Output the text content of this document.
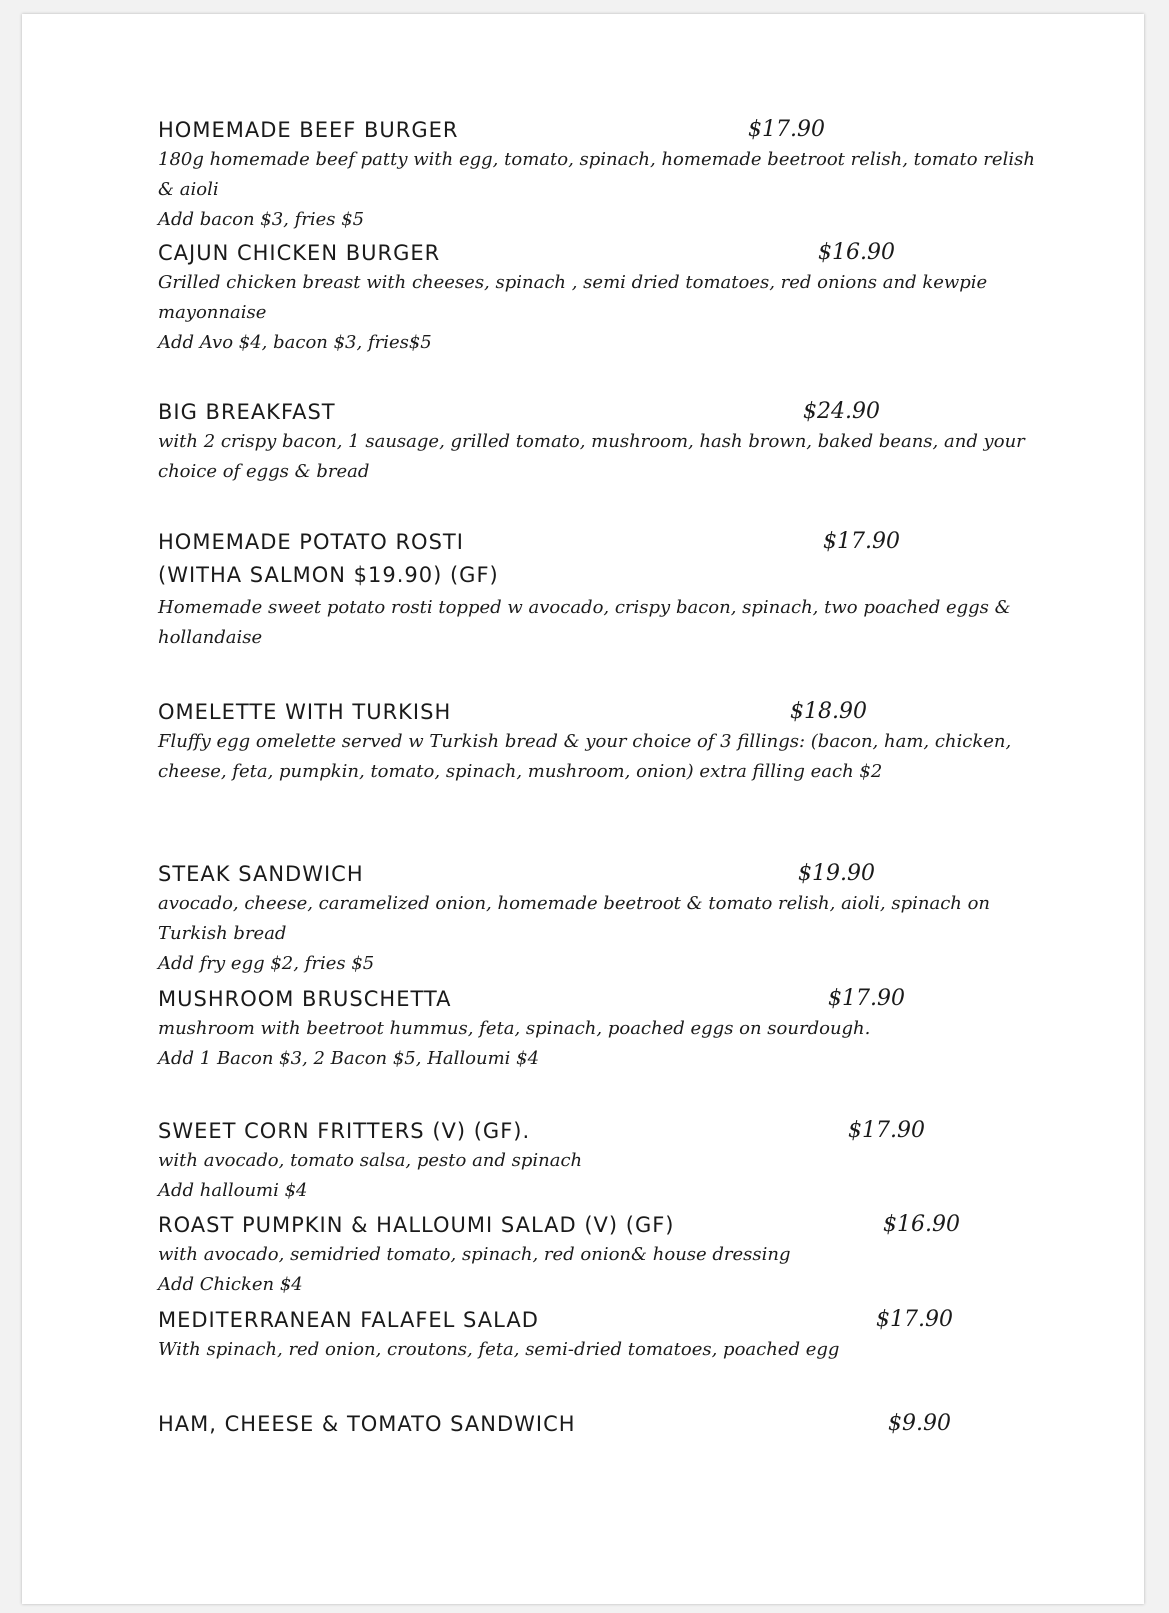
HOMEMADE BEEF BURGER	$17.90
180g homemade beef patty with egg, tomato, spinach, homemade beetroot relish, tomato relish & aioli
Add bacon $3, fries $5
CAJUN CHICKEN BURGER	$16.90
Grilled chicken breast with cheeses, spinach , semi dried tomatoes, red onions and kewpie mayonnaise
Add Avo $4, bacon $3, fries$5
BIG BREAKFAST	$24.90
with 2 crispy bacon, 1 sausage, grilled tomato, mushroom, hash brown, baked beans, and your choice of eggs & bread
HOMEMADE POTATO ROSTI	$17.90
(WITHA SALMON $19.90) (GF)
Homemade sweet potato rosti topped w avocado, crispy bacon, spinach, two poached eggs & hollandaise
OMELETTE WITH TURKISH	$18.90
Fluffy egg omelette served w Turkish bread & your choice of 3 fillings: (bacon, ham, chicken, cheese, feta, pumpkin, tomato, spinach, mushroom, onion) extra filling each $2
STEAK SANDWICH	$19.90
avocado, cheese, caramelized onion, homemade beetroot & tomato relish, aioli, spinach on Turkish bread
Add fry egg $2, fries $5
MUSHROOM BRUSCHETTA	$17.90
mushroom with beetroot hummus, feta, spinach, poached eggs on sourdough.
Add 1 Bacon $3, 2 Bacon $5, Halloumi $4
SWEET CORN FRITTERS (V) (GF).	$17.90
with avocado, tomato salsa, pesto and spinach
Add halloumi $4
ROAST PUMPKIN & HALLOUMI SALAD (V) (GF)	$16.90
with avocado, semidried tomato, spinach, red onion& house dressing
Add Chicken $4
MEDITERRANEAN FALAFEL SALAD	$17.90
With spinach, red onion, croutons, feta, semi-dried tomatoes, poached egg
HAM, CHEESE & TOMATO SANDWICH	$9.90
